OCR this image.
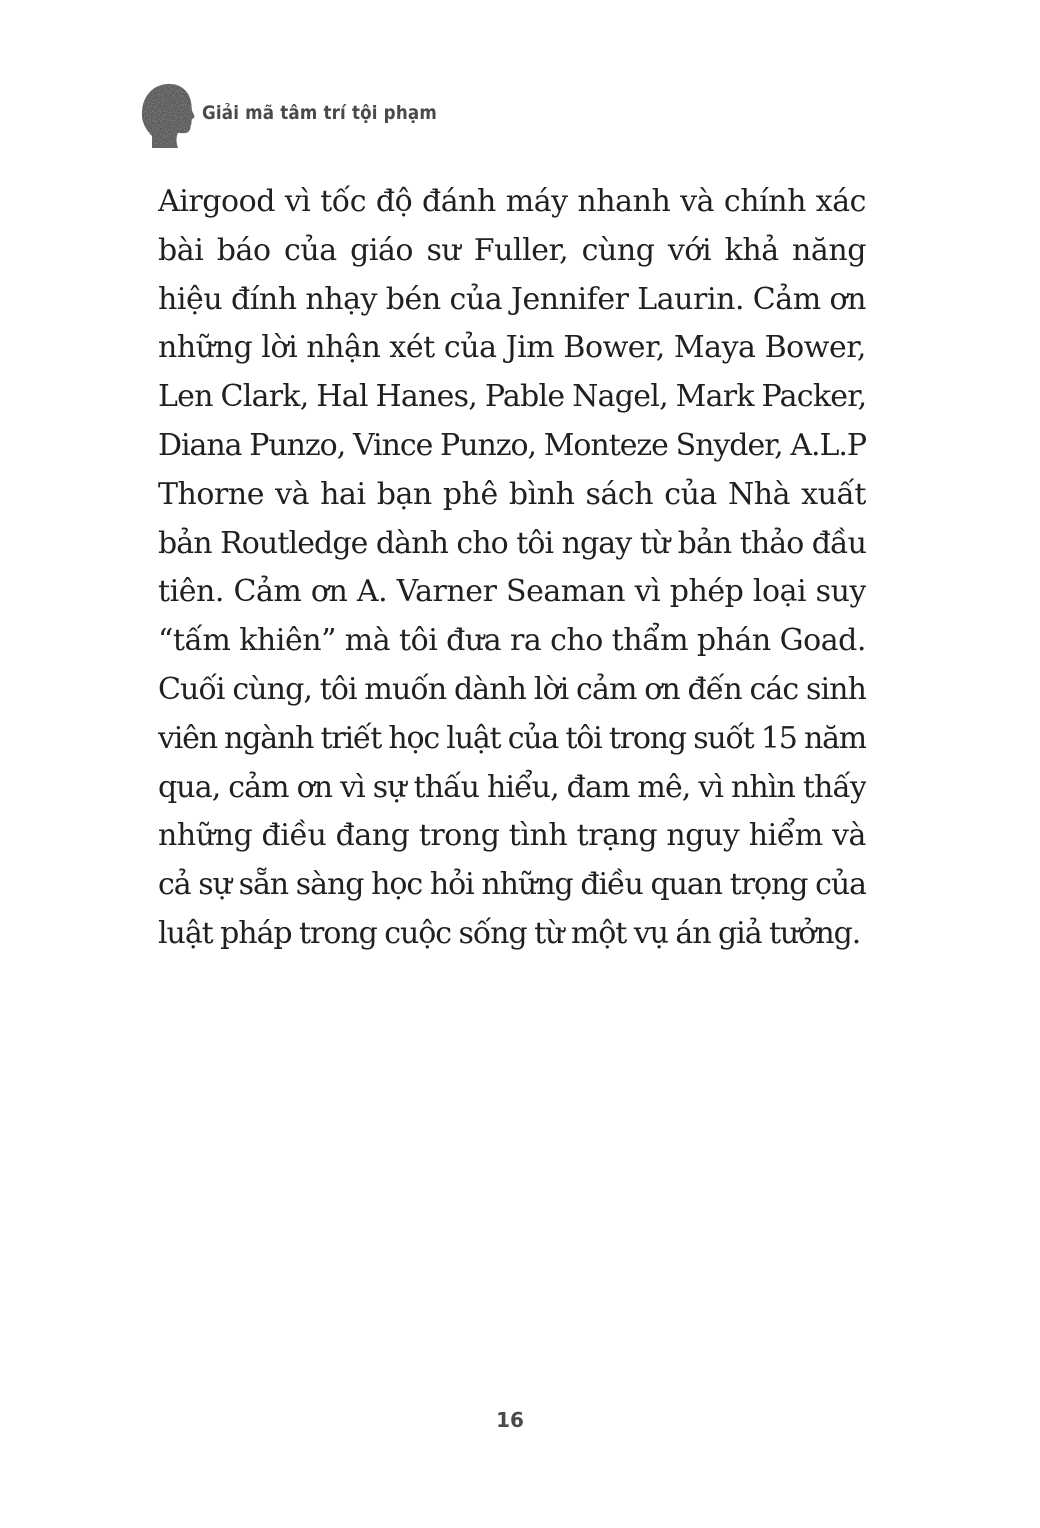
Giải mã tâm trí tội phạm
Airgood vì tốc độ đánh máy nhanh và chính xác
bài báo của giáo sư Fuller, cùng với khả năng
hiệu đính nhạy bén của Jennifer Laurin. Cảm ơn
những lời nhận xét của Jim Bower, Maya Bower,
Len Clark, Hal Hanes, Pable Nagel, Mark Packer,
Diana Punzo, Vince Punzo, Monteze Snyder, A.L.P
Thorne và hai bạn phê bình sách của Nhà xuất
bản Routledge dành cho tôi ngay từ bản thảo đầu
tiên. Cảm ơn A. Varner Seaman vì phép loại suy
“tấm khiên” mà tôi đưa ra cho thẩm phán Goad.
Cuối cùng, tôi muốn dành lời cảm ơn đến các sinh
viên ngành triết học luật của tôi trong suốt 15 năm
qua, cảm ơn vì sự thấu hiểu, đam mê, vì nhìn thấy
những điều đang trong tình trạng nguy hiểm và
cả sự sẵn sàng học hỏi những điều quan trọng của
luật pháp trong cuộc sống từ một vụ án giả tưởng.
16
